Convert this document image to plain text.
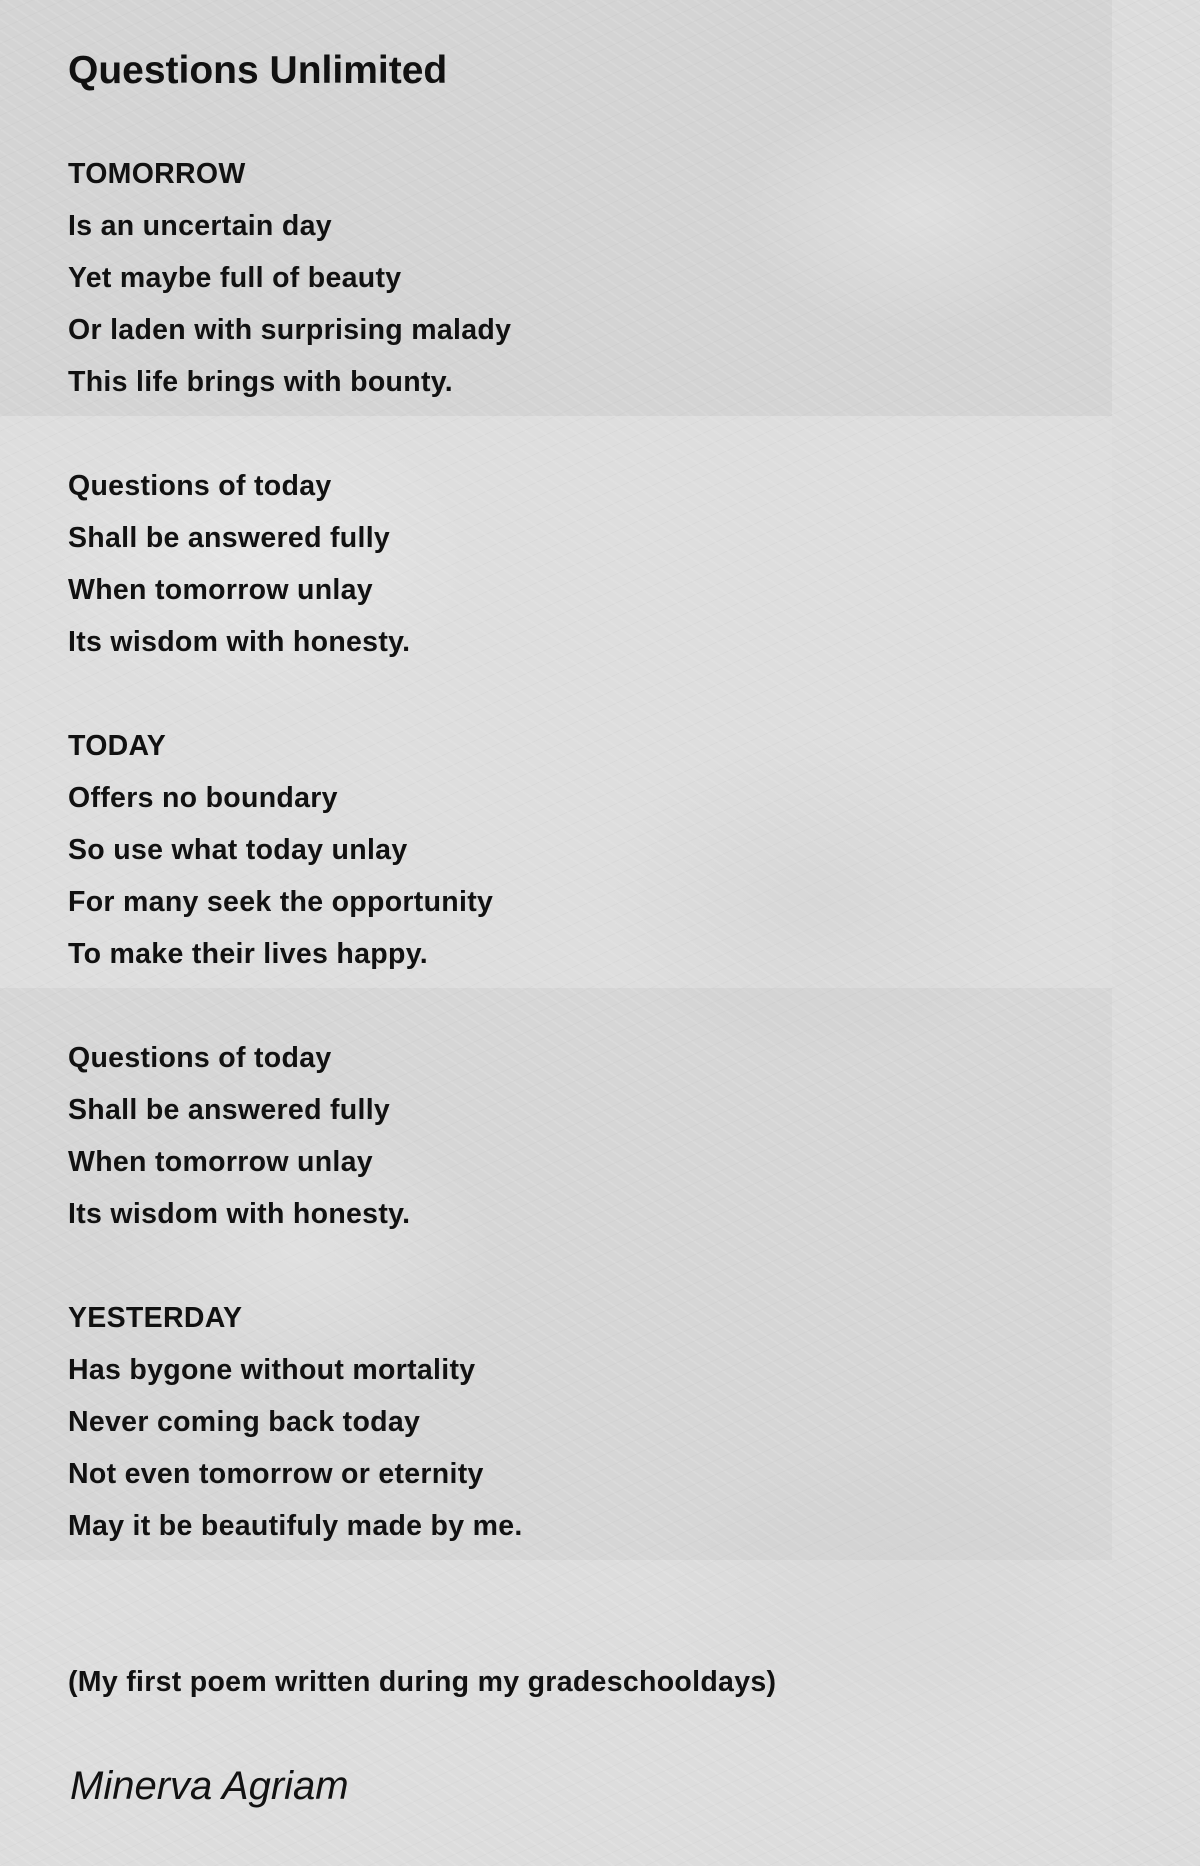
Questions Unlimited
TOMORROW
Is an uncertain day
Yet maybe full of beauty
Or laden with surprising malady
This life brings with bounty.
Questions of today
Shall be answered fully
When tomorrow unlay
Its wisdom with honesty.
TODAY
Offers no boundary
So use what today unlay
For many seek the opportunity
To make their lives happy.
Questions of today
Shall be answered fully
When tomorrow unlay
Its wisdom with honesty.
YESTERDAY
Has bygone without mortality
Never coming back today
Not even tomorrow or eternity
May it be beautifuly made by me.
(My first poem written during my gradeschooldays)
Minerva Agriam
